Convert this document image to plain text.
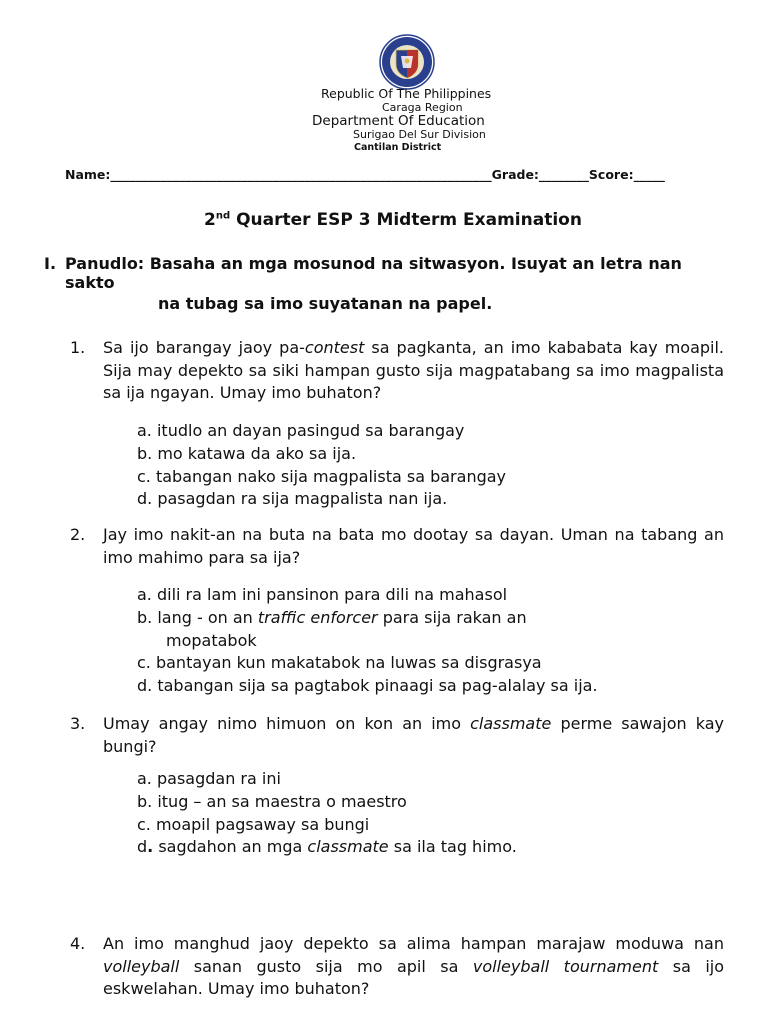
Republic Of The Philippines
Caraga Region
Department Of Education
Surigao Del Sur Division
Cantilan District
Name:_____________________________________________________________Grade:________Score:_____
2nd Quarter ESP 3 Midterm Examination
I. Panudlo: Basaha an mga mosunod na sitwasyon. Isuyat an letra nan sakto
na tubag sa imo suyatanan na papel.
1. Sa ijo barangay jaoy pa-contest sa pagkanta, an imo kababata kay moapil. Sija may depekto sa siki hampan gusto sija magpatabang sa imo magpalista sa ija ngayan. Umay imo buhaton?
a. itudlo an dayan pasingud sa barangay
b. mo katawa da ako sa ija.
c. tabangan nako sija magpalista sa barangay
d. pasagdan ra sija magpalista nan ija.
2. Jay imo nakit-an na buta na bata mo dootay sa dayan. Uman na tabang an imo mahimo para sa ija?
a. dili ra lam ini pansinon para dili na mahasol
b. lang - on an traffic enforcer para sija rakan an
mopatabok
c. bantayan kun makatabok na luwas sa disgrasya
d. tabangan sija sa pagtabok pinaagi sa pag-alalay sa ija.
3. Umay angay nimo himuon on kon an imo classmate perme sawajon kay bungi?
a. pasagdan ra ini
b. itug – an sa maestra o maestro
c. moapil pagsaway sa bungi
d. sagdahon an mga classmate sa ila tag himo.
4. An imo manghud jaoy depekto sa alima hampan marajaw moduwa nan volleyball sanan gusto sija mo apil sa volleyball tournament sa ijo eskwelahan. Umay imo buhaton?
